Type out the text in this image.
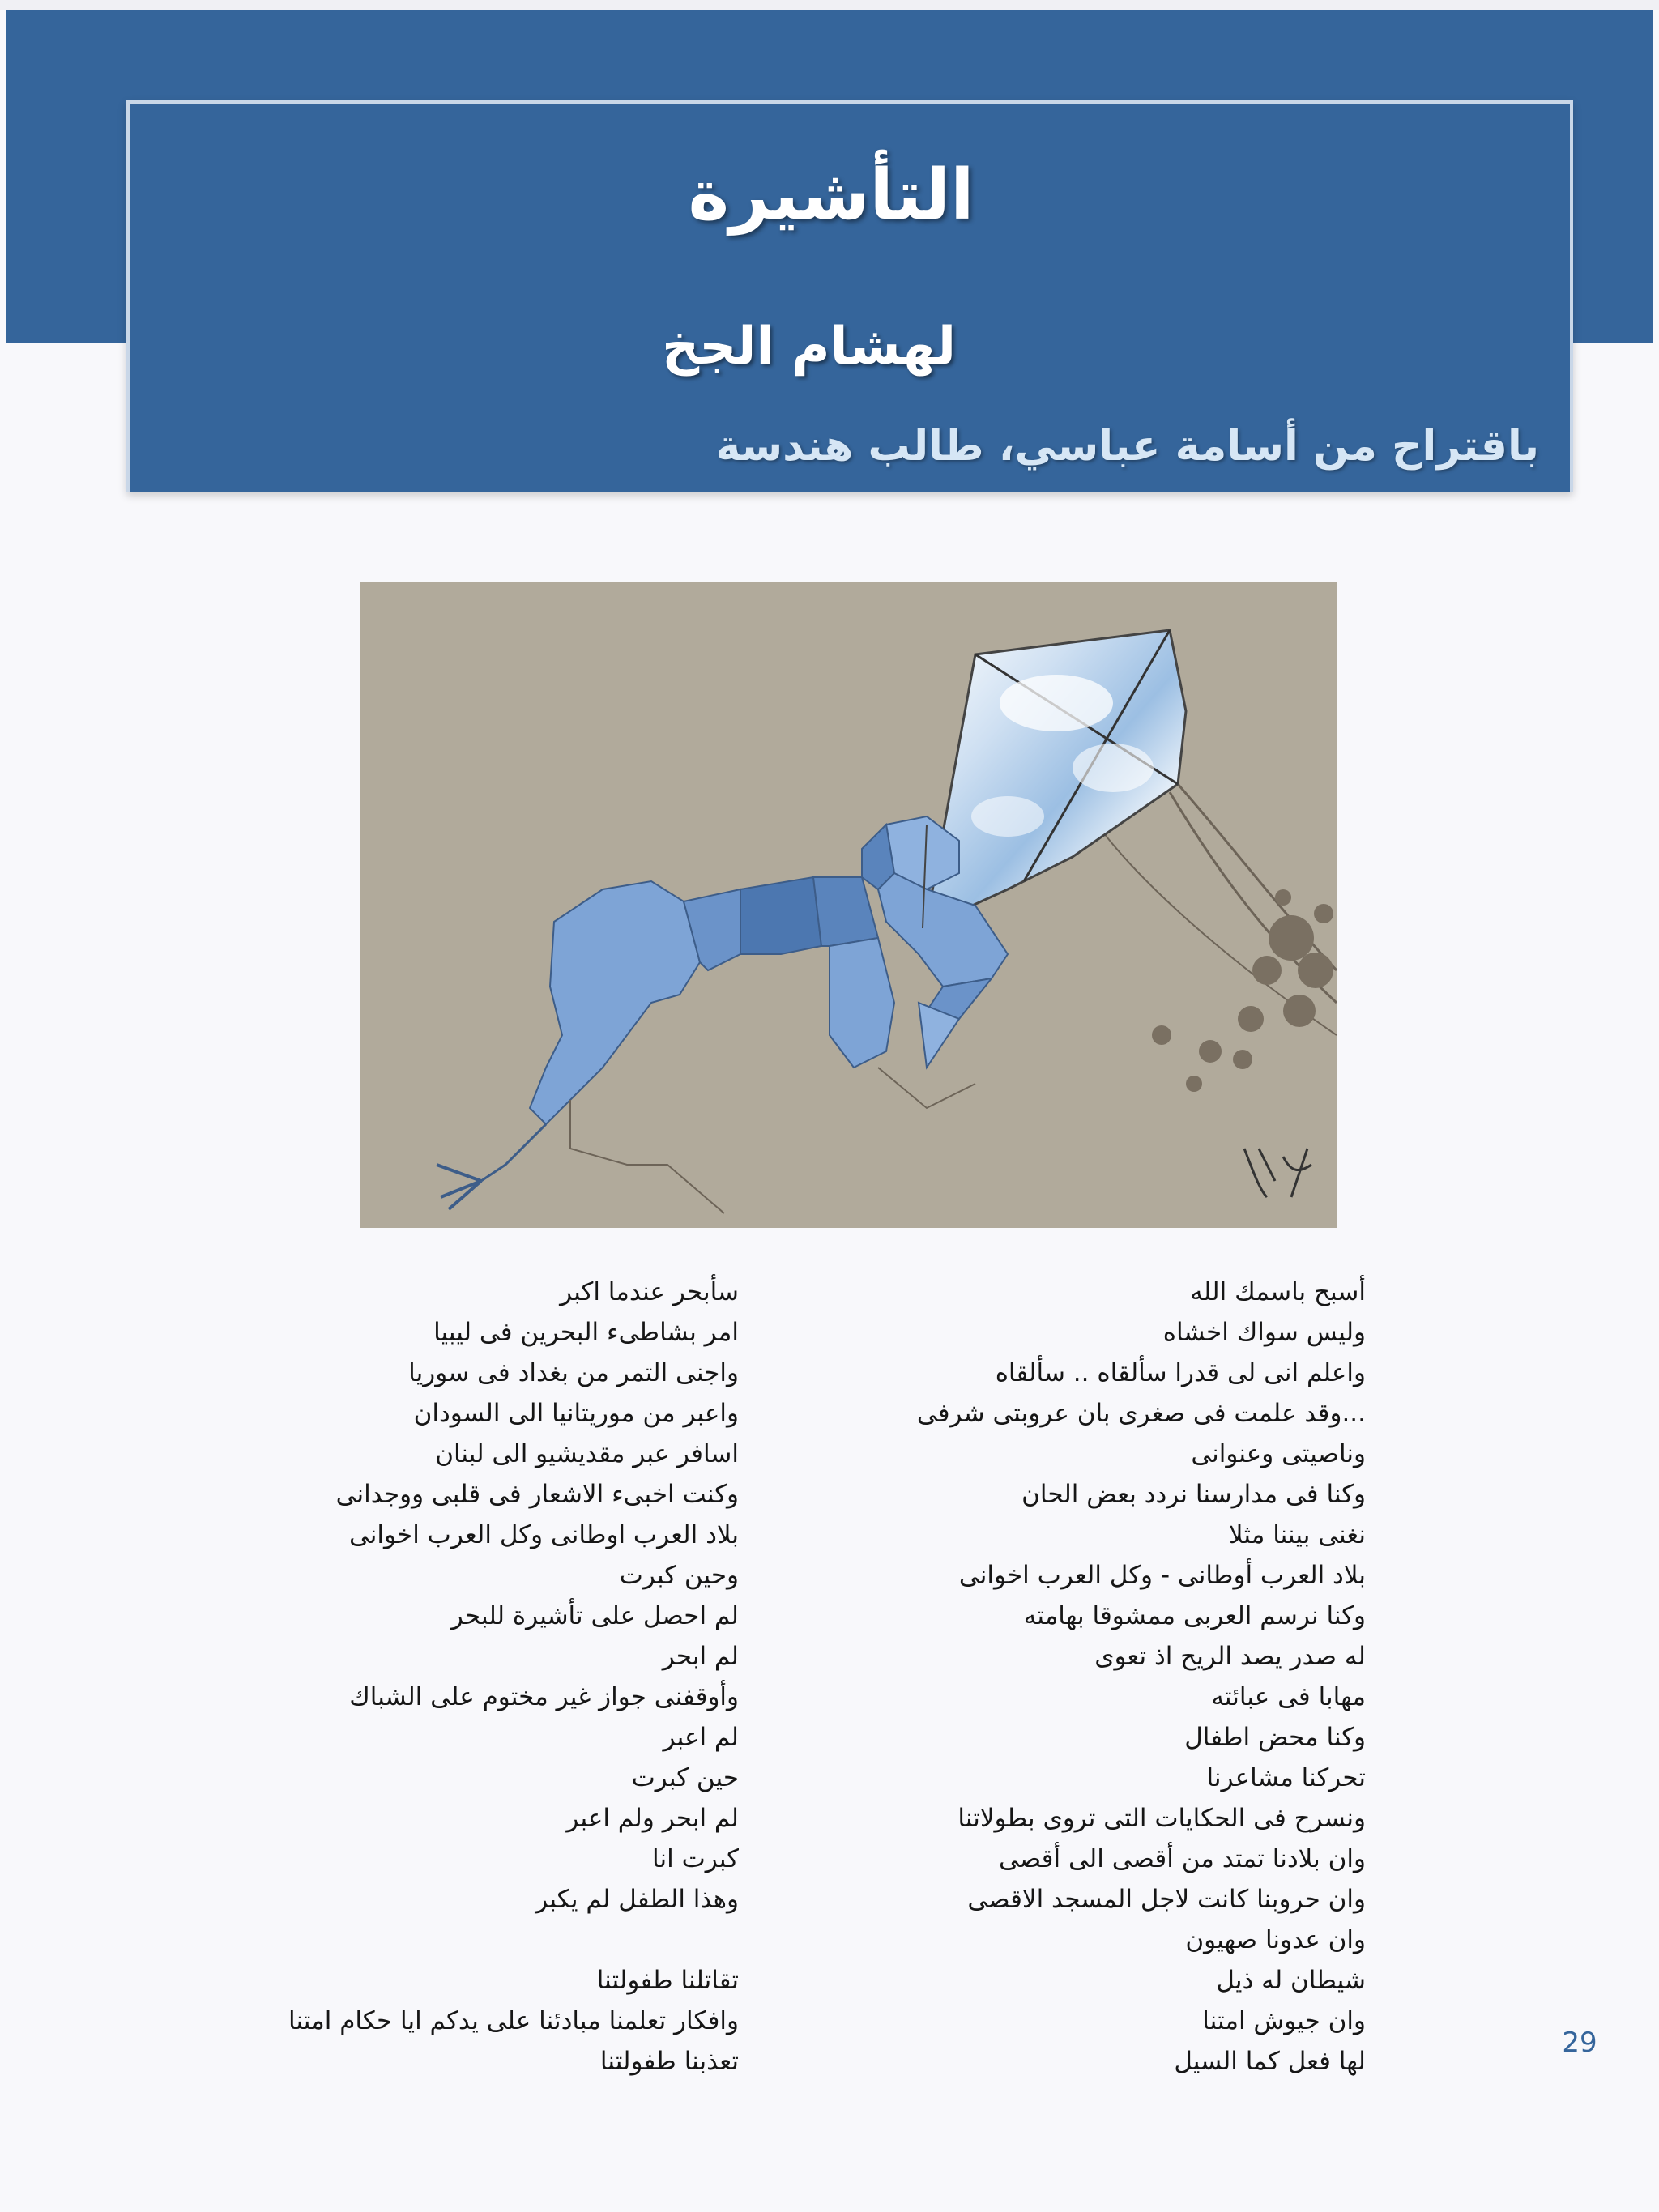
التأشيرة
لهشام الجخ
باقتراح من أسامة عباسي، طالب هندسة
أسبح باسمك الله
وليس سواك اخشاه
واعلم انى لى قدرا سألقاه .. سألقاه
...وقد علمت فى صغرى بان عروبتى شرفى
وناصيتى وعنوانى
وكنا فى مدارسنا نردد بعض الحان
نغنى بيننا مثلا
بلاد العرب أوطانى - وكل العرب اخوانى
وكنا نرسم العربى ممشوقا بهامته
له صدر يصد الريح اذ تعوى
مهابا فى عبائته
وكنا محض اطفال
تحركنا مشاعرنا
ونسرح فى الحكايات التى تروى بطولاتنا
وان بلادنا تمتد من أقصى الى أقصى
وان حروبنا كانت لاجل المسجد الاقصى
وان عدونا صهيون
شيطان له ذيل
وان جيوش امتنا
لها فعل كما السيل
سأبحر عندما اكبر
امر بشاطىء البحرين فى ليبيا
واجنى التمر من بغداد فى سوريا
واعبر من موريتانيا الى السودان
اسافر عبر مقديشيو الى لبنان
وكنت اخبىء الاشعار فى قلبى ووجدانى
بلاد العرب اوطانى وكل العرب اخوانى
وحين كبرت
لم احصل على تأشيرة للبحر
لم ابحر
وأوقفنى جواز غير مختوم على الشباك
لم اعبر
حين كبرت
لم ابحر ولم اعبر
كبرت انا
وهذا الطفل لم يكبر
تقاتلنا طفولتنا
وافكار تعلمنا مبادئنا على يدكم ايا حكام امتنا
تعذبنا طفولتنا
29
